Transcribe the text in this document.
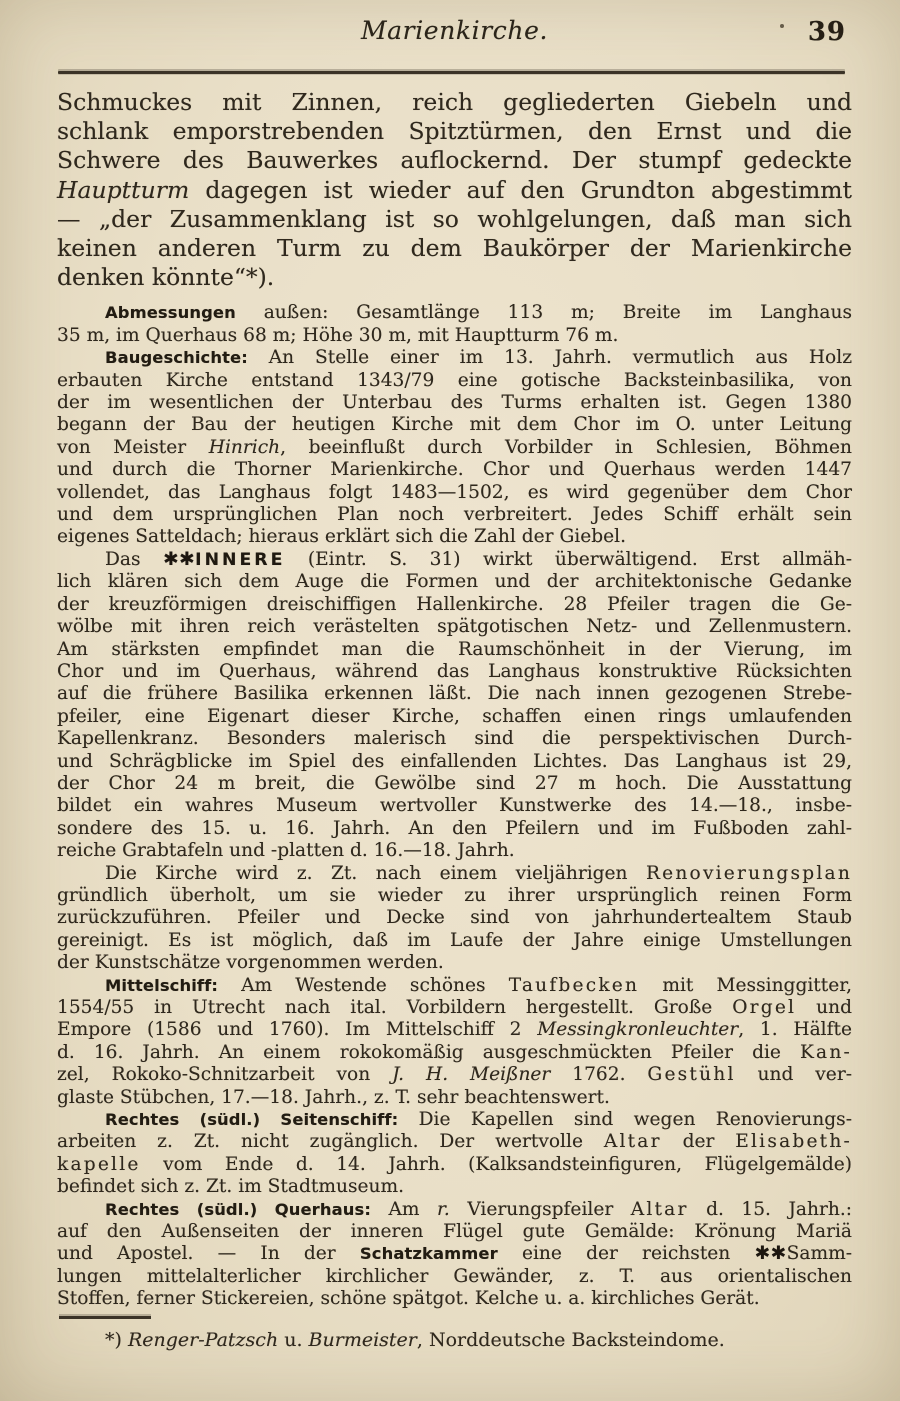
Marienkirche.	39
Schmuckes mit Zinnen, reich gegliederten Giebeln und
schlank emporstrebenden Spitztürmen, den Ernst und die
Schwere des Bauwerkes auflockernd. Der stumpf gedeckte
Hauptturm dagegen ist wieder auf den Grundton abgestimmt
— „der Zusammenklang ist so wohlgelungen, daß man sich
keinen anderen Turm zu dem Baukörper der Marienkirche
denken könnte“*).
Abmessungen außen: Gesamtlänge 113 m; Breite im Langhaus
35 m, im Querhaus 68 m; Höhe 30 m, mit Hauptturm 76 m.
Baugeschichte: An Stelle einer im 13. Jahrh. vermutlich aus Holz
erbauten Kirche entstand 1343/79 eine gotische Backsteinbasilika, von
der im wesentlichen der Unterbau des Turms erhalten ist. Gegen 1380
begann der Bau der heutigen Kirche mit dem Chor im O. unter Leitung
von Meister Hinrich, beeinflußt durch Vorbilder in Schlesien, Böhmen
und durch die Thorner Marienkirche. Chor und Querhaus werden 1447
vollendet, das Langhaus folgt 1483—1502, es wird gegenüber dem Chor
und dem ursprünglichen Plan noch verbreitert. Jedes Schiff erhält sein
eigenes Satteldach; hieraus erklärt sich die Zahl der Giebel.
Das ✱✱INNERE (Eintr. S. 31) wirkt überwältigend. Erst allmäh-
lich klären sich dem Auge die Formen und der architektonische Gedanke
der kreuzförmigen dreischiffigen Hallenkirche. 28 Pfeiler tragen die Ge-
wölbe mit ihren reich verästelten spätgotischen Netz- und Zellenmustern.
Am stärksten empfindet man die Raumschönheit in der Vierung, im
Chor und im Querhaus, während das Langhaus konstruktive Rücksichten
auf die frühere Basilika erkennen läßt. Die nach innen gezogenen Strebe-
pfeiler, eine Eigenart dieser Kirche, schaffen einen rings umlaufenden
Kapellenkranz. Besonders malerisch sind die perspektivischen Durch-
und Schrägblicke im Spiel des einfallenden Lichtes. Das Langhaus ist 29,
der Chor 24 m breit, die Gewölbe sind 27 m hoch. Die Ausstattung
bildet ein wahres Museum wertvoller Kunstwerke des 14.—18., insbe-
sondere des 15. u. 16. Jahrh. An den Pfeilern und im Fußboden zahl-
reiche Grabtafeln und -platten d. 16.—18. Jahrh.
Die Kirche wird z. Zt. nach einem vieljährigen Renovierungsplan
gründlich überholt, um sie wieder zu ihrer ursprünglich reinen Form
zurückzuführen. Pfeiler und Decke sind von jahrhundertealtem Staub
gereinigt. Es ist möglich, daß im Laufe der Jahre einige Umstellungen
der Kunstschätze vorgenommen werden.
Mittelschiff: Am Westende schönes Taufbecken mit Messinggitter,
1554/55 in Utrecht nach ital. Vorbildern hergestellt. Große Orgel und
Empore (1586 und 1760). Im Mittelschiff 2 Messingkronleuchter, 1. Hälfte
d. 16. Jahrh. An einem rokokomäßig ausgeschmückten Pfeiler die Kan-
zel, Rokoko-Schnitzarbeit von J. H. Meißner 1762. Gestühl und ver-
glaste Stübchen, 17.—18. Jahrh., z. T. sehr beachtenswert.
Rechtes (südl.) Seitenschiff: Die Kapellen sind wegen Renovierungs-
arbeiten z. Zt. nicht zugänglich. Der wertvolle Altar der Elisabeth-
kapelle vom Ende d. 14. Jahrh. (Kalksandsteinfiguren, Flügelgemälde)
befindet sich z. Zt. im Stadtmuseum.
Rechtes (südl.) Querhaus: Am r. Vierungspfeiler Altar d. 15. Jahrh.:
auf den Außenseiten der inneren Flügel gute Gemälde: Krönung Mariä
und Apostel. — In der Schatzkammer eine der reichsten ✱✱Samm-
lungen mittelalterlicher kirchlicher Gewänder, z. T. aus orientalischen
Stoffen, ferner Stickereien, schöne spätgot. Kelche u. a. kirchliches Gerät.
*) Renger-Patzsch u. Burmeister, Norddeutsche Backsteindome.
